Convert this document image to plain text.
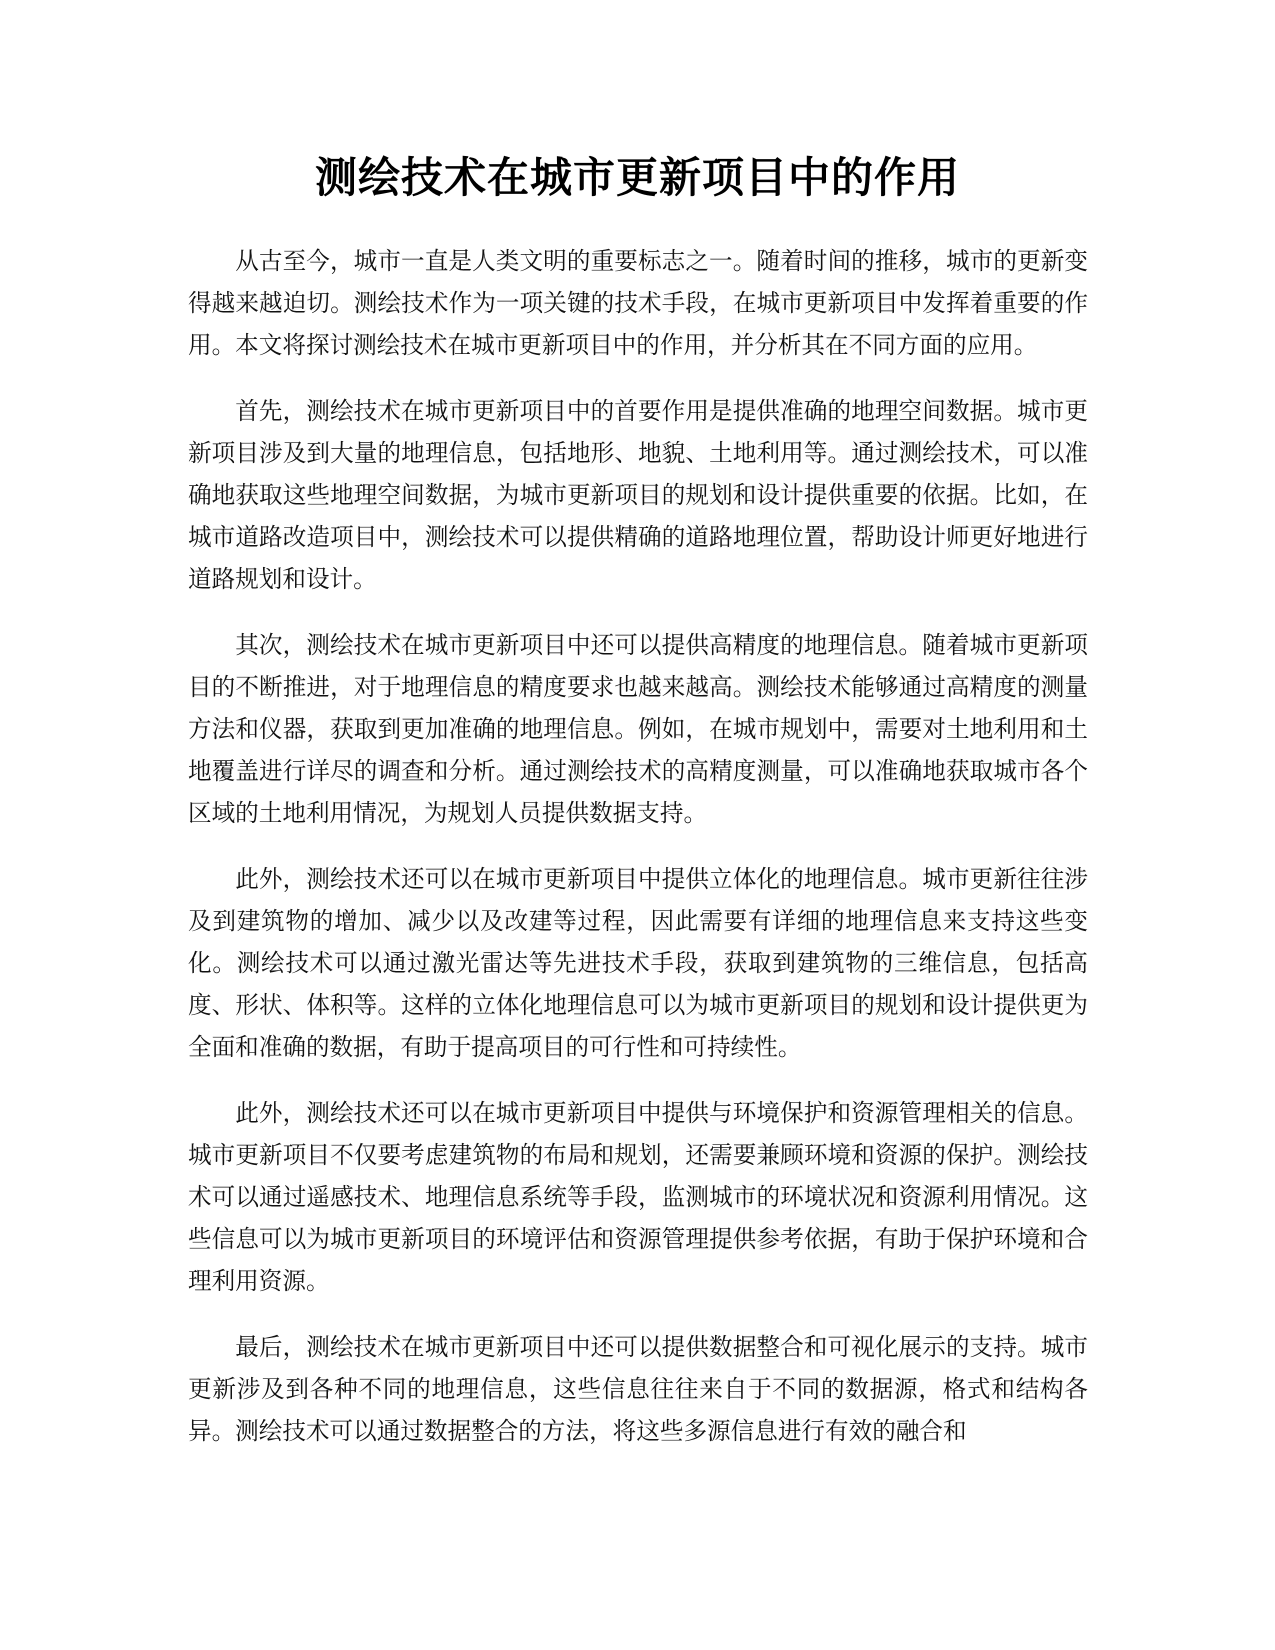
测绘技术在城市更新项目中的作用

从古至今，城市一直是人类文明的重要标志之一。随着时间的推移，城市的更新变得越来越迫切。测绘技术作为一项关键的技术手段，在城市更新项目中发挥着重要的作用。本文将探讨测绘技术在城市更新项目中的作用，并分析其在不同方面的应用。

首先，测绘技术在城市更新项目中的首要作用是提供准确的地理空间数据。城市更新项目涉及到大量的地理信息，包括地形、地貌、土地利用等。通过测绘技术，可以准确地获取这些地理空间数据，为城市更新项目的规划和设计提供重要的依据。比如，在城市道路改造项目中，测绘技术可以提供精确的道路地理位置，帮助设计师更好地进行道路规划和设计。

其次，测绘技术在城市更新项目中还可以提供高精度的地理信息。随着城市更新项目的不断推进，对于地理信息的精度要求也越来越高。测绘技术能够通过高精度的测量方法和仪器，获取到更加准确的地理信息。例如，在城市规划中，需要对土地利用和土地覆盖进行详尽的调查和分析。通过测绘技术的高精度测量，可以准确地获取城市各个区域的土地利用情况，为规划人员提供数据支持。

此外，测绘技术还可以在城市更新项目中提供立体化的地理信息。城市更新往往涉及到建筑物的增加、减少以及改建等过程，因此需要有详细的地理信息来支持这些变化。测绘技术可以通过激光雷达等先进技术手段，获取到建筑物的三维信息，包括高度、形状、体积等。这样的立体化地理信息可以为城市更新项目的规划和设计提供更为全面和准确的数据，有助于提高项目的可行性和可持续性。

此外，测绘技术还可以在城市更新项目中提供与环境保护和资源管理相关的信息。城市更新项目不仅要考虑建筑物的布局和规划，还需要兼顾环境和资源的保护。测绘技术可以通过遥感技术、地理信息系统等手段，监测城市的环境状况和资源利用情况。这些信息可以为城市更新项目的环境评估和资源管理提供参考依据，有助于保护环境和合理利用资源。

最后，测绘技术在城市更新项目中还可以提供数据整合和可视化展示的支持。城市更新涉及到各种不同的地理信息，这些信息往往来自于不同的数据源，格式和结构各异。测绘技术可以通过数据整合的方法，将这些多源信息进行有效的融合和
